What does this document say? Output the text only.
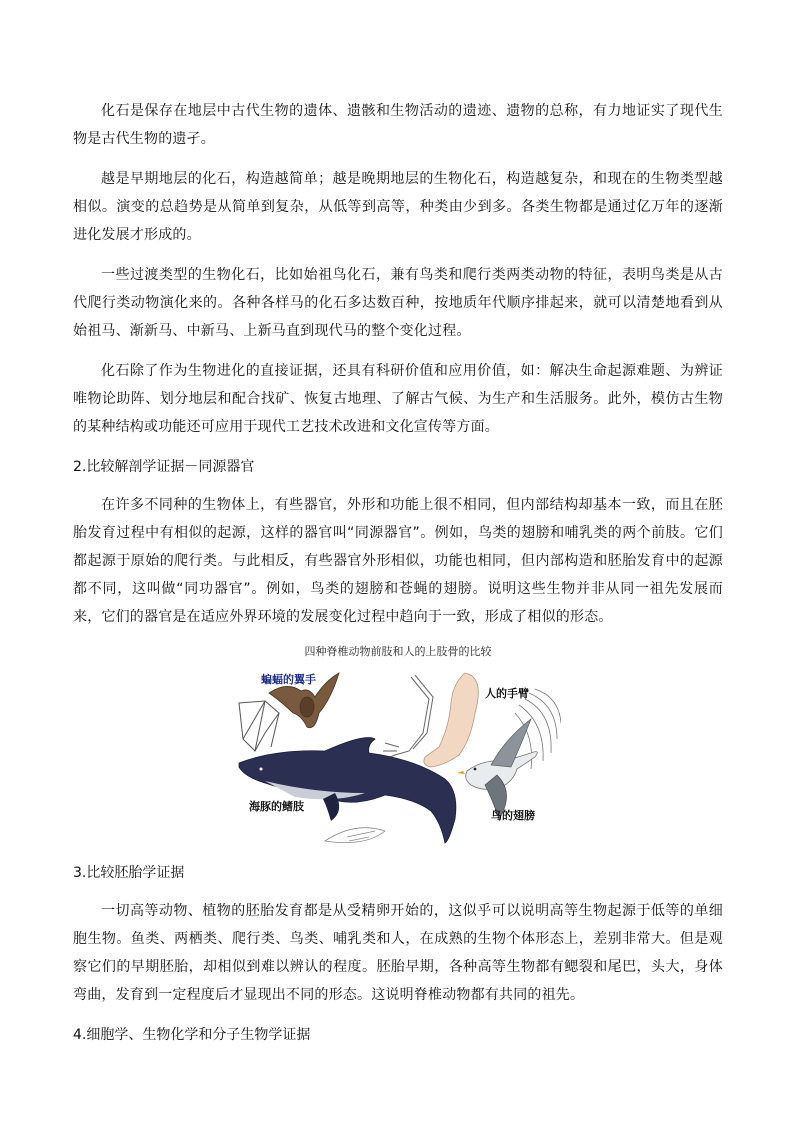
化石是保存在地层中古代生物的遗体、遗骸和生物活动的遗迹、遗物的总称，有力地证实了现代生物是古代生物的遗孑。

越是早期地层的化石，构造越简单；越是晚期地层的生物化石，构造越复杂，和现在的生物类型越相似。演变的总趋势是从简单到复杂，从低等到高等，种类由少到多。各类生物都是通过亿万年的逐渐进化发展才形成的。

一些过渡类型的生物化石，比如始祖鸟化石，兼有鸟类和爬行类两类动物的特征，表明鸟类是从古代爬行类动物演化来的。各种各样马的化石多达数百种，按地质年代顺序排起来，就可以清楚地看到从始祖马、渐新马、中新马、上新马直到现代马的整个变化过程。

化石除了作为生物进化的直接证据，还具有科研价值和应用价值，如：解决生命起源难题、为辨证唯物论助阵、划分地层和配合找矿、恢复古地理、了解古气候、为生产和生活服务。此外，模仿古生物的某种结构或功能还可应用于现代工艺技术改进和文化宣传等方面。

2.比较解剖学证据－同源器官

在许多不同种的生物体上，有些器官，外形和功能上很不相同，但内部结构却基本一致，而且在胚胎发育过程中有相似的起源，这样的器官叫“同源器官”。例如，鸟类的翅膀和哺乳类的两个前肢。它们都起源于原始的爬行类。与此相反，有些器官外形相似，功能也相同，但内部构造和胚胎发育中的起源都不同，这叫做“同功器官”。例如，鸟类的翅膀和苍蝇的翅膀。说明这些生物并非从同一祖先发展而来，它们的器官是在适应外界环境的发展变化过程中趋向于一致，形成了相似的形态。

四种脊椎动物前肢和人的上肢骨的比较
蝙蝠的翼手
人的手臂
海豚的鳍肢
鸟的翅膀
3.比较胚胎学证据

一切高等动物、植物的胚胎发育都是从受精卵开始的，这似乎可以说明高等生物起源于低等的单细胞生物。鱼类、两栖类、爬行类、鸟类、哺乳类和人，在成熟的生物个体形态上，差别非常大。但是观察它们的早期胚胎，却相似到难以辨认的程度。胚胎早期，各种高等生物都有鳃裂和尾巴，头大，身体弯曲，发育到一定程度后才显现出不同的形态。这说明脊椎动物都有共同的祖先。

4.细胞学、生物化学和分子生物学证据
